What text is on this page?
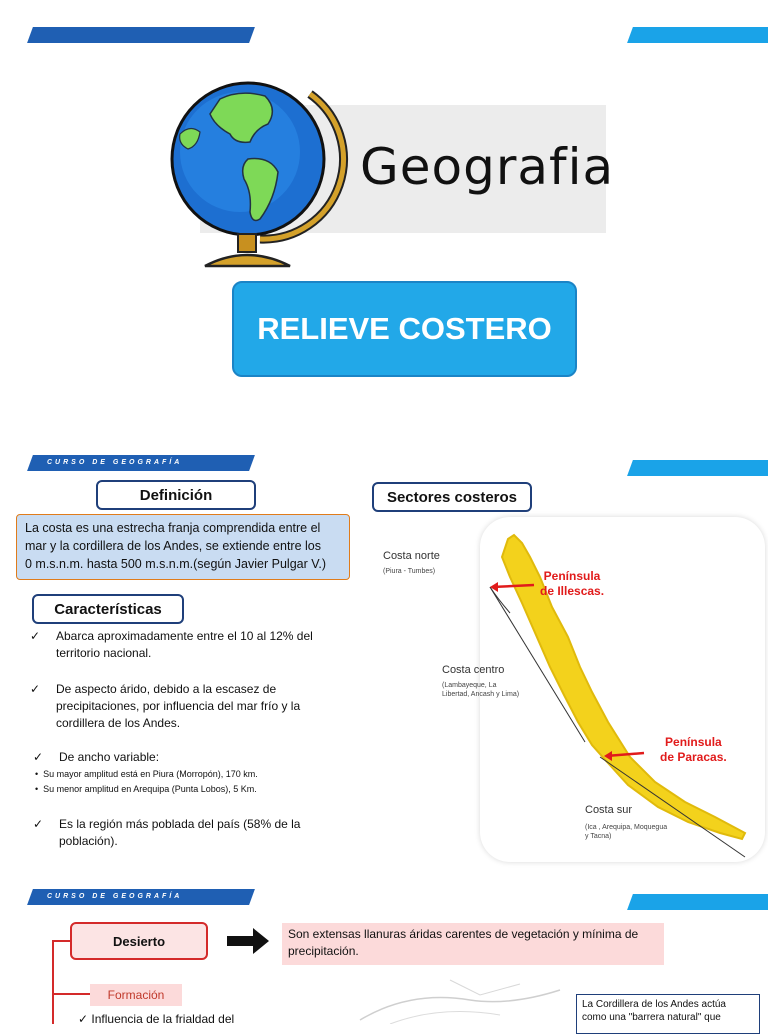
Geografia
RELIEVE COSTERO
CURSO DE GEOGRAFÍA
Definición
La costa es una estrecha franja comprendida entre el
mar y la cordillera de los Andes, se extiende entre los
0 m.s.n.m. hasta 500 m.s.n.m.(según Javier Pulgar V.)
Características
✓ Abarca aproximadamente entre el 10 al 12% del
territorio nacional.
✓ De aspecto árido, debido a la escasez de
precipitaciones, por influencia del mar frío y la
cordillera de los Andes.
✓ De ancho variable:
•  Su mayor amplitud está en Piura (Morropón), 170 km.
•  Su menor amplitud en Arequipa (Punta Lobos), 5 Km.
✓ Es la región más poblada del país (58% de la
población).
Sectores costeros
Costa norte
(Piura - Tumbes)
Costa centro
(Lambayeque, La
Libertad, Ancash y Lima)
Costa sur
(Ica , Arequipa, Moquegua
y Tacna)
Península
de Illescas.
Península
de Paracas.
CURSO DE GEOGRAFÍA
Desierto	Son extensas llanuras áridas carentes de vegetación y mínima de
precipitación.
Formación
✓ Influencia de la frialdad del
La Cordillera de los Andes actúa
como una "barrera natural" que
